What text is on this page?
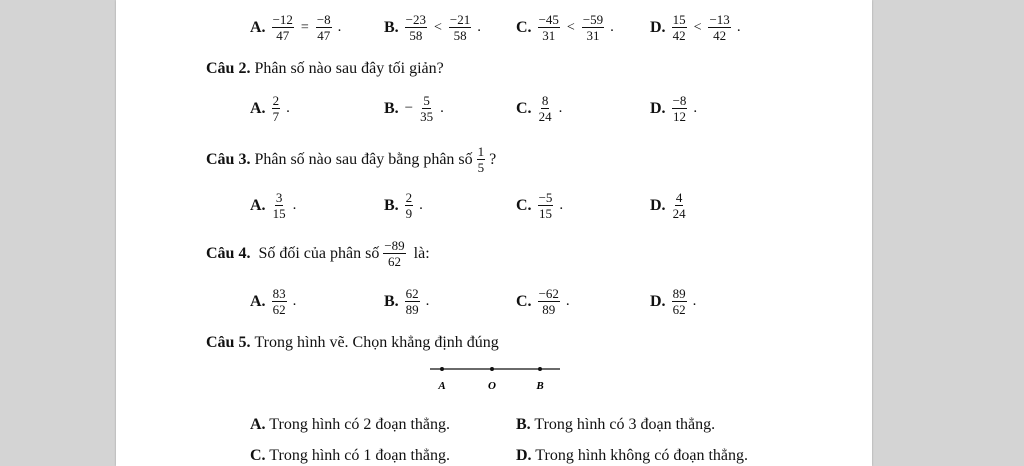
A. $\frac{-12}{47} = \frac{-8}{47}$ .	B. $\frac{-23}{58} < \frac{-21}{58}$ . C. $\frac{-45}{31} < \frac{-59}{31}$ . D. $\frac{15}{42} < \frac{-13}{42}$ .
Câu 2. Phân số nào sau đây tối giản?
A. $\frac{2}{7}$ .	B. − $\frac{5}{35}$ .	C. $\frac{8}{24}$ .	D. $\frac{-8}{12}$ .
Câu 3. Phân số nào sau đây bằng phân số $\frac{1}{5}$ ?
A. $\frac{3}{15}$ .	B. $\frac{2}{9}$ .	C. $\frac{-5}{15}$ .	D. $\frac{4}{24}$
Câu 4. Số đối của phân số $\frac{-89}{62}$ là:
A. $\frac{83}{62}$ .	B. $\frac{62}{89}$ .	C. $\frac{-62}{89}$ .	D. $\frac{89}{62}$ .
Câu 5. Trong hình vẽ. Chọn khẳng định đúng
A	O	B
A. Trong hình có 2 đoạn thẳng.	B. Trong hình có 3 đoạn thẳng.
C. Trong hình có 1 đoạn thẳng.	D. Trong hình không có đoạn thẳng.
